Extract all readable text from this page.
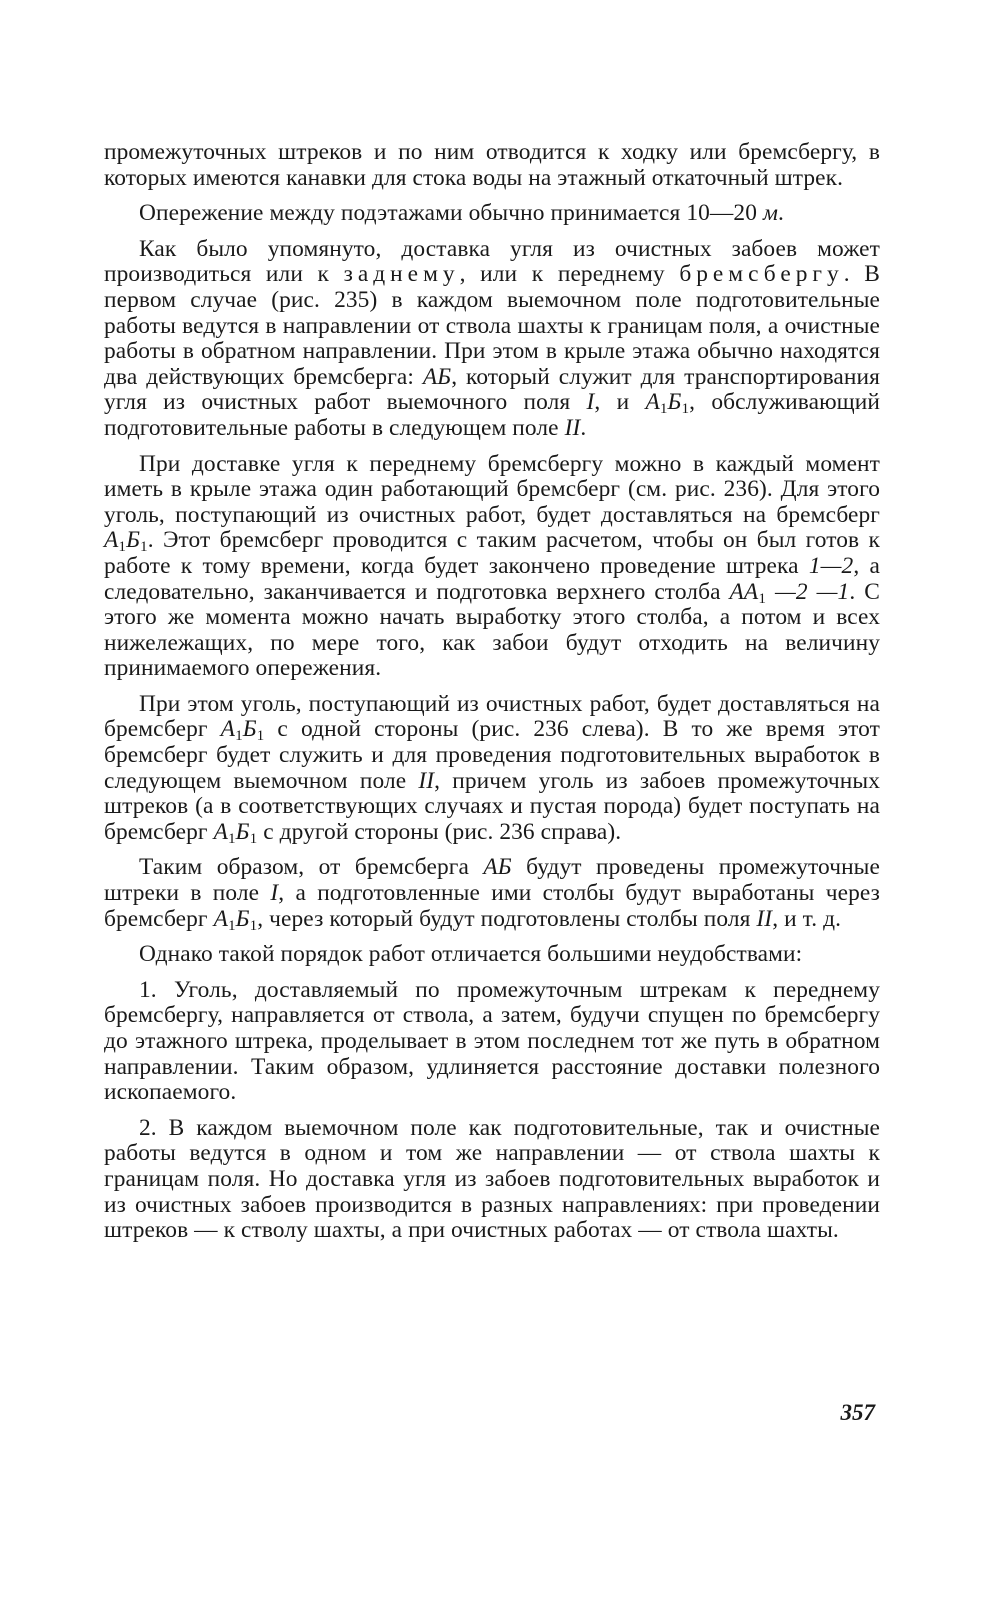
промежуточных штреков и по ним отводится к ходку или бремсбергу, в которых имеются канавки для стока воды на этажный откаточный штрек.

Опережение между подэтажами обычно принимается 10—20 м.

Как было упомянуто, доставка угля из очистных забоев может производиться или к заднему, или к переднему бремсбергу. В первом случае (рис. 235) в каждом выемочном поле подготовительные работы ведутся в направлении от ствола шахты к границам поля, а очистные работы в обратном направлении. При этом в крыле этажа обычно находятся два действующих бремсберга: АБ, который служит для транспортирования угля из очистных работ выемочного поля I, и $А_1Б_1$, обслуживающий подготовительные работы в следующем поле II.

При доставке угля к переднему бремсбергу можно в каждый момент иметь в крыле этажа один работающий бремсберг (см. рис. 236). Для этого уголь, поступающий из очистных работ, будет доставляться на бремсберг $А_1Б_1$. Этот бремсберг проводится с таким расчетом, чтобы он был готов к работе к тому времени, когда будет закончено проведение штрека 1—2, а следовательно, заканчивается и подготовка верхнего столба $АА_1$ —2 —1. С этого же момента можно начать выработку этого столба, а потом и всех нижележащих, по мере того, как забои будут отходить на величину принимаемого опережения.

При этом уголь, поступающий из очистных работ, будет доставляться на бремсберг $А_1Б_1$ с одной стороны (рис. 236 слева). В то же время этот бремсберг будет служить и для проведения подготовительных выработок в следующем выемочном поле II, причем уголь из забоев промежуточных штреков (а в соответствующих случаях и пустая порода) будет поступать на бремсберг $А_1Б_1$ с другой стороны (рис. 236 справа).

Таким образом, от бремсберга АБ будут проведены промежуточные штреки в поле I, а подготовленные ими столбы будут выработаны через бремсберг $А_1Б_1$, через который будут подготовлены столбы поля II, и т. д.

Однако такой порядок работ отличается большими неудобствами:

1. Уголь, доставляемый по промежуточным штрекам к переднему бремсбергу, направляется от ствола, а затем, будучи спущен по бремсбергу до этажного штрека, проделывает в этом последнем тот же путь в обратном направлении. Таким образом, удлиняется расстояние доставки полезного ископаемого.

2. В каждом выемочном поле как подготовительные, так и очистные работы ведутся в одном и том же направлении — от ствола шахты к границам поля. Но доставка угля из забоев подготовительных выработок и из очистных забоев производится в разных направлениях: при проведении штреков — к стволу шахты, а при очистных работах — от ствола шахты.

357
